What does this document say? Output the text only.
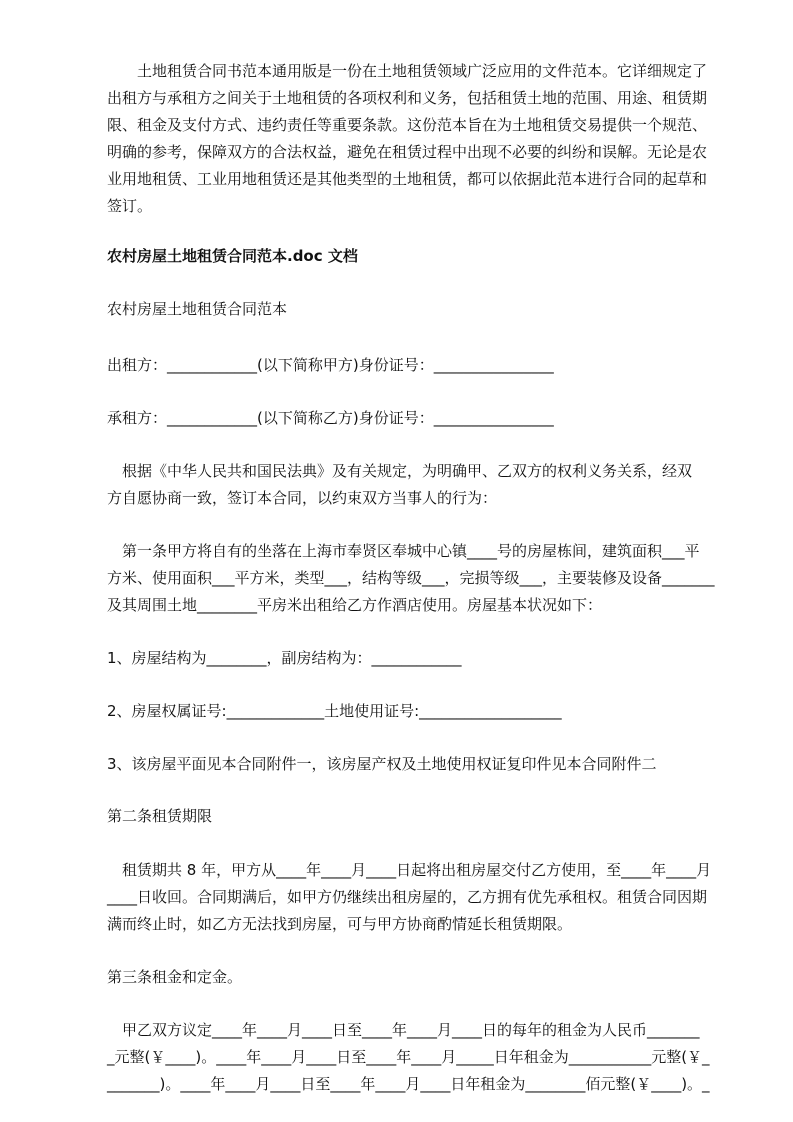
　　土地租赁合同书范本通用版是一份在土地租赁领域广泛应用的文件范本。它详细规定了
出租方与承租方之间关于土地租赁的各项权利和义务，包括租赁土地的范围、用途、租赁期
限、租金及支付方式、违约责任等重要条款。这份范本旨在为土地租赁交易提供一个规范、
明确的参考，保障双方的合法权益，避免在租赁过程中出现不必要的纠纷和误解。无论是农
业用地租赁、工业用地租赁还是其他类型的土地租赁，都可以依据此范本进行合同的起草和
签订。

农村房屋土地租赁合同范本.doc 文档

农村房屋土地租赁合同范本

出租方：____________(以下简称甲方)身份证号：________________

承租方：____________(以下简称乙方)身份证号：________________

　根据《中华人民共和国民法典》及有关规定，为明确甲、乙双方的权利义务关系，经双
方自愿协商一致，签订本合同，以约束双方当事人的行为：
　第一条甲方将自有的坐落在上海市奉贤区奉城中心镇____号的房屋栋间，建筑面积___平
方米、使用面积___平方米，类型___，结构等级___，完损等级___，主要装修及设备_______
及其周围土地________平房米出租给乙方作酒店使用。房屋基本状况如下：

1、房屋结构为________，副房结构为：____________

2、房屋权属证号:_____________土地使用证号:___________________

3、该房屋平面见本合同附件一，该房屋产权及土地使用权证复印件见本合同附件二

第二条租赁期限

　租赁期共 8 年，甲方从____年____月____日起将出租房屋交付乙方使用，至____年____月
____日收回。合同期满后，如甲方仍继续出租房屋的，乙方拥有优先承租权。租赁合同因期
满而终止时，如乙方无法找到房屋，可与甲方协商酌情延长租赁期限。

第三条租金和定金。

　甲乙双方议定____年____月____日至____年____月____日的每年的租金为人民币_______
_元整(￥____)。____年____月____日至____年____月_____日年租金为___________元整(￥_
_______)。____年____月____日至____年____月____日年租金为________佰元整(￥____)。_
